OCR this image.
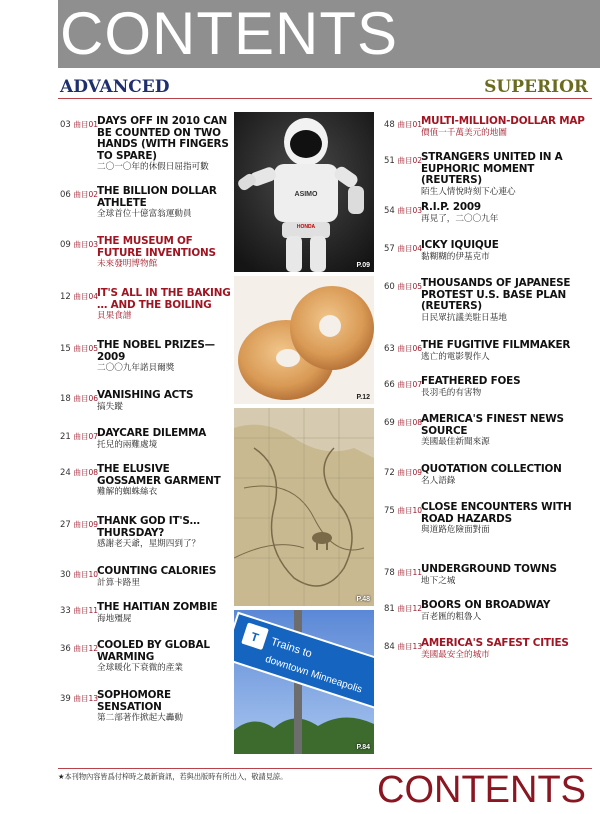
CONTENTS
ADVANCED	SUPERIOR
03 曲目01
DAYS OFF IN 2010 CAN BE COUNTED ON TWO HANDS (WITH FINGERS TO SPARE)
二〇一〇年的休假日屈指可數
06 曲目02
THE BILLION DOLLAR ATHLETE
全球首位十億富翁運動員
09 曲目03
THE MUSEUM OF FUTURE INVENTIONS
未來發明博物館
12 曲目04
IT'S ALL IN THE BAKING … AND THE BOILING
貝果食譜
15 曲目05
THE NOBEL PRIZES—2009
二〇〇九年諾貝爾獎
18 曲目06
VANISHING ACTS
搞失蹤
21 曲目07
DAYCARE DILEMMA
托兒的兩難處境
24 曲目08
THE ELUSIVE GOSSAMER GARMENT
難解的蜘蛛絲衣
27 曲目09
THANK GOD IT'S…THURSDAY?
感謝老天爺，星期四到了？
30 曲目10
COUNTING CALORIES
計算卡路里
33 曲目11
THE HAITIAN ZOMBIE
海地殭屍
36 曲目12
COOLED BY GLOBAL WARMING
全球暖化下衰微的產業
39 曲目13
SOPHOMORE SENSATION
第二部著作掀起大轟動
ASIMO
HONDA
P.09
P.12
P.48
T Trains to
downtown Minneapolis
P.84
48 曲目01
MULTI-MILLION-DOLLAR MAP
價值一千萬美元的地圖
51 曲目02
STRANGERS UNITED IN A EUPHORIC MOMENT (REUTERS)
陌生人情悅時刻下心連心
54 曲目03
R.I.P. 2009
再見了，二〇〇九年
57 曲目04
ICKY IQUIQUE
黏糊糊的伊基克市
60 曲目05
THOUSANDS OF JAPANESE PROTEST U.S. BASE PLAN (REUTERS)
日民眾抗議美駐日基地
63 曲目06
THE FUGITIVE FILMMAKER
逃亡的電影製作人
66 曲目07
FEATHERED FOES
長羽毛的有害物
69 曲目08
AMERICA'S FINEST NEWS SOURCE
美國最佳新聞來源
72 曲目09
QUOTATION COLLECTION
名人語錄
75 曲目10
CLOSE ENCOUNTERS WITH ROAD HAZARDS
與道路危險面對面
78 曲目11
UNDERGROUND TOWNS
地下之城
81 曲目12
BOORS ON BROADWAY
百老匯的粗魯人
84 曲目13
AMERICA'S SAFEST CITIES
美國最安全的城市
★本刊物內容皆爲付梓時之最新資訊，若與出版時有所出入，敬請見諒。 CONTENTS
